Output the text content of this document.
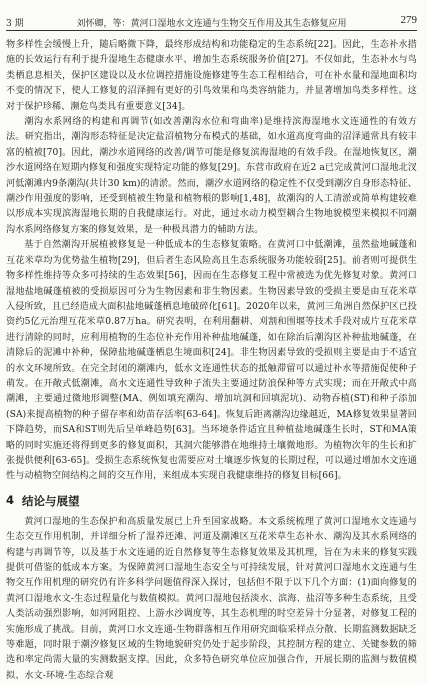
3 期	刘怀卿，等：黄河口湿地水文连通与生物交互作用及其生态修复应用	279

物多样性会缓慢上升，随后略微下降，最终形成结构和功能稳定的生态系统[22]。因此，生态补水措施的长效运行有利于提升湿地生态健康水平、增加生态系统服务价值[27]。不仅如此，生态补水与鸟类栖息息相关，保护区建设以及水位调控措施设施修建等生态工程相结合，可在补水量和湿地面积均不变的情况下，使人工修复的沼泽拥有更好的引鸟效果和鸟类容纳能力，并显著增加鸟类多样性。这对于保护珍稀、濒危鸟类具有重要意义[34]。

潮沟水系网络的构建和再调节(如改善潮沟水位和弯曲率)是维持滨海湿地水文连通性的有效方法。研究指出，潮沟形态特征是决定盐沼植物分布模式的基础，如水道高度弯曲的沼泽通常具有较丰富的植被[70]。因此，潮沙水道网络的改善/调节可能是修复滨海湿地的有效手段。在湿地恢复区，潮沙水道网络在短期内修复和强度实现特定功能的修复[29]。东营市政府在近2 a已完成黄河口湿地北汊河低潮滩内9条潮沟(共计30 km)的清淤。然而，潮汐水道网络的稳定性不仅受到潮汐自身形态特征、潮沙作用强度的影响，还受到植被生物量和植物根的影响[1,48]，故潮沟的人工清淤或简单构建较难以形成本实现滨海湿地长期的自我健康运行。对此，通过水动力模型耦合生物地貌模型来模拟不同潮沟水系网络修复方案的修复效果，是一种极具潜力的辅助方法。

基于自然潮沟开展植被修复是一种低成本的生态修复策略。在黄河口中低潮滩，虽然盐地碱蓬和互花米草均为优势盐生植物[29]，但后者生态风险高且生态系统服务功能较弱[25]。前者则可提供生物多样性维持等众多可持续的生态效果[56]，因而在生态修复工程中常被选为优先修复对象。黄河口湿地盐地碱蓬植被的受损原因可分为生物因素和非生物因素。生物因素导致的受损主要是由互花米草入侵所致，且已经造成大面积盐地碱蓬栖息地破碎化[61]。2020年以来，黄河三角洲自然保护区已投资约5亿元治理互花米草0.87万ha。研究表明，在利用翻耕、刈割和围堰等技术手段对成片互花米草进行清除的同时，应利用植物的生态位补充作用补种盐地碱蓬，如在除治后潮沟区补种盐地碱蓬，在清除后的泥滩中补种，保障盐地碱蓬栖息生境面积[24]。非生物因素导致的受损则主要是由于不适宜的水文环境所致。在完全封闭的潮滩内，低水文连通性状态的抵触滞留可以通过补水等措施促使种子萌发。在开敞式低潮滩，高水文连通性导致种子流失主要通过防浪保种等方式实现；而在开敞式中高潮滩，主要通过微地形调整(MA、例如填充潮沟、增加坑洞和回填泥坑)、动物吞植(ST)和种子添加(SA)来提高植物的种子留存率和幼苗存活率[63-64]。恢复后距离潮沟边缘越近，MA修复效果显著回下降趋势，而SA和ST则先后呈单峰趋势[63]。当环境条件适宜且种植盐地碱蓬生长时，ST和MA策略的同时实施还将得到更多的修复面积，其洞穴能够潜在地维持土壤微地形。为植物次年的生长和扩张提供便利[63-65]。受损生态系统恢复也需要应对土壤逐步恢复的长期过程，可以通过增加水文连通性与动植物空间结构之间的交互作用，来组成本实现自我健康维持的修复目标[66]。

4 结论与展望

黄河口湿地的生态保护和高质量发展已上升至国家战略。本文系统梳理了黄河口湿地水文连通与生态交互作用机制，并详细分析了湿养还滩、河道及潮滩区互花米草生态补水、潮沟及其水系网络的构建与再调节等，以及基于水文连通的近自然修复等生态修复效果及其机理，旨在为未来的修复实践提供可借鉴的低成本方案。为保障黄河口湿地生态安全与可持续发展，针对黄河口湿地水文连通与生物交互作用机理的研究仍有许多科学问题值得深入探讨，包括但不限于以下几个方面：(1)面向修复的黄河口湿地水文-生态过程量化与数值模拟。黄河口湿地包括淡水、滨海、盐沼等多种生态系统，且受人类活动强烈影响，如河网阻控、上游水沙调度等，其生态机理的时空差异十分显著，对修复工程的实施形成了挑战。目前，黄河口水文连通-生物群落相互作用研究面临采样点分散、长期监测数据缺乏等难题，同时限于潮汐修复区域的生物地貌研究仍处于起步阶段，其控制方程的建立、关键参数的筛选和率定尚需大量的实测数据支撑。因此，众多特色研究单位应加强合作，开展长期的监测与数值模拟、水文-环境-生态综合观
